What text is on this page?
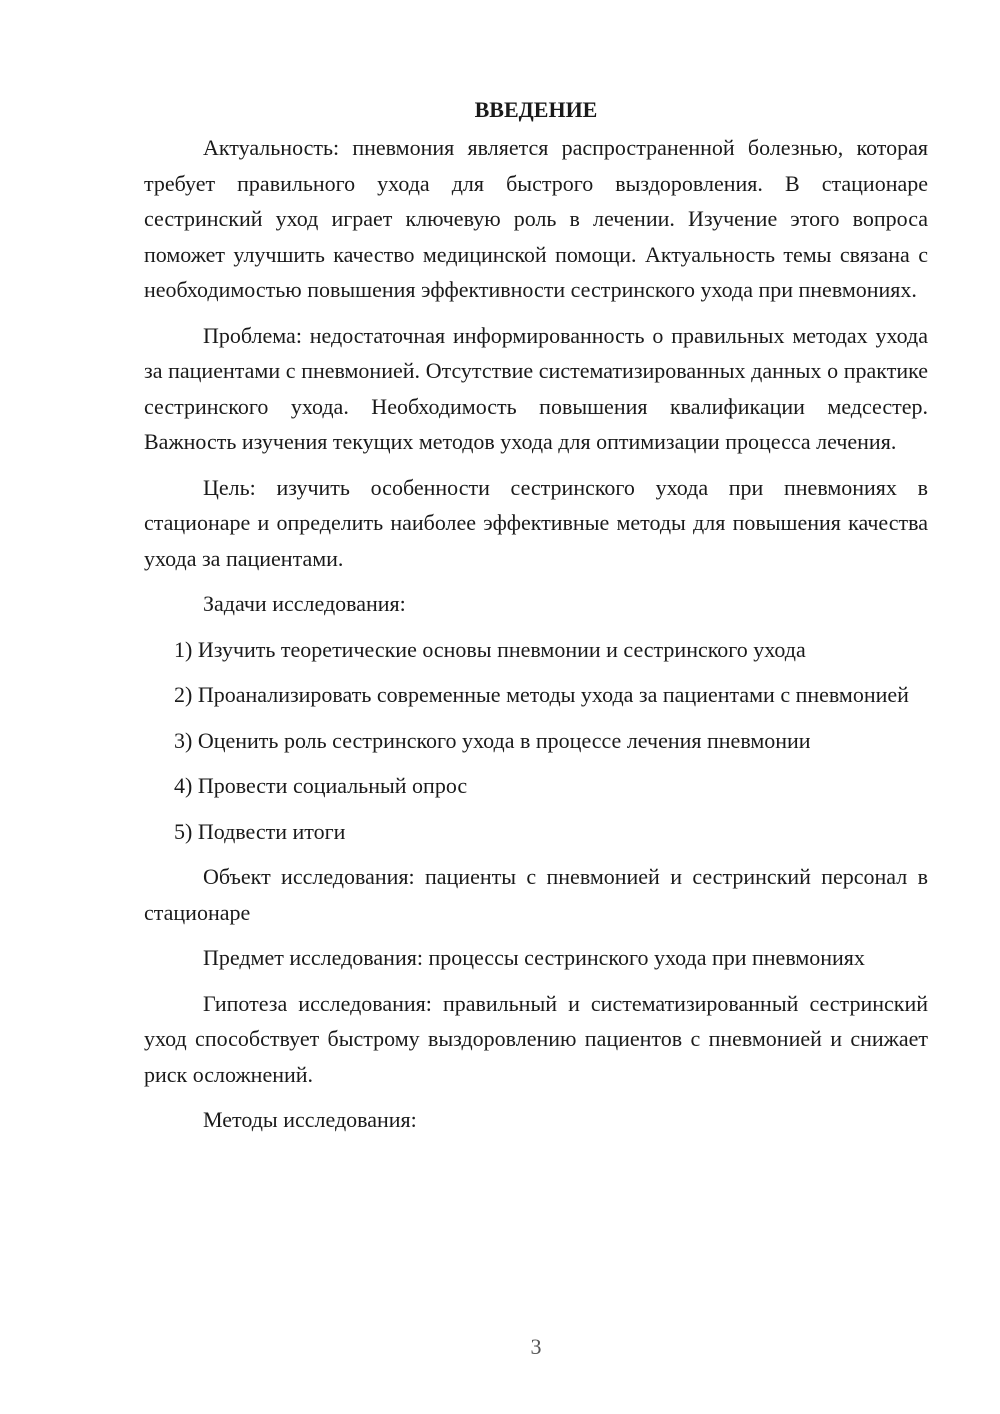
ВВЕДЕНИЕ

Актуальность: пневмония является распространенной болезнью, которая требует правильного ухода для быстрого выздоровления. В стационаре сестринский уход играет ключевую роль в лечении. Изучение этого вопроса поможет улучшить качество медицинской помощи. Актуальность темы связана с необходимостью повышения эффективности сестринского ухода при пневмониях.

Проблема: недостаточная информированность о правильных методах ухода за пациентами с пневмонией. Отсутствие систематизированных данных о практике сестринского ухода. Необходимость повышения квалификации медсестер. Важность изучения текущих методов ухода для оптимизации процесса лечения.

Цель: изучить особенности сестринского ухода при пневмониях в стационаре и определить наиболее эффективные методы для повышения качества ухода за пациентами.

Задачи исследования:

1) Изучить теоретические основы пневмонии и сестринского ухода

2) Проанализировать современные методы ухода за пациентами с пневмонией

3) Оценить роль сестринского ухода в процессе лечения пневмонии

4) Провести социальный опрос

5) Подвести итоги

Объект исследования: пациенты с пневмонией и сестринский персонал в стационаре

Предмет исследования: процессы сестринского ухода при пневмониях

Гипотеза исследования: правильный и систематизированный сестринский уход способствует быстрому выздоровлению пациентов с пневмонией и снижает риск осложнений.

Методы исследования:

3
